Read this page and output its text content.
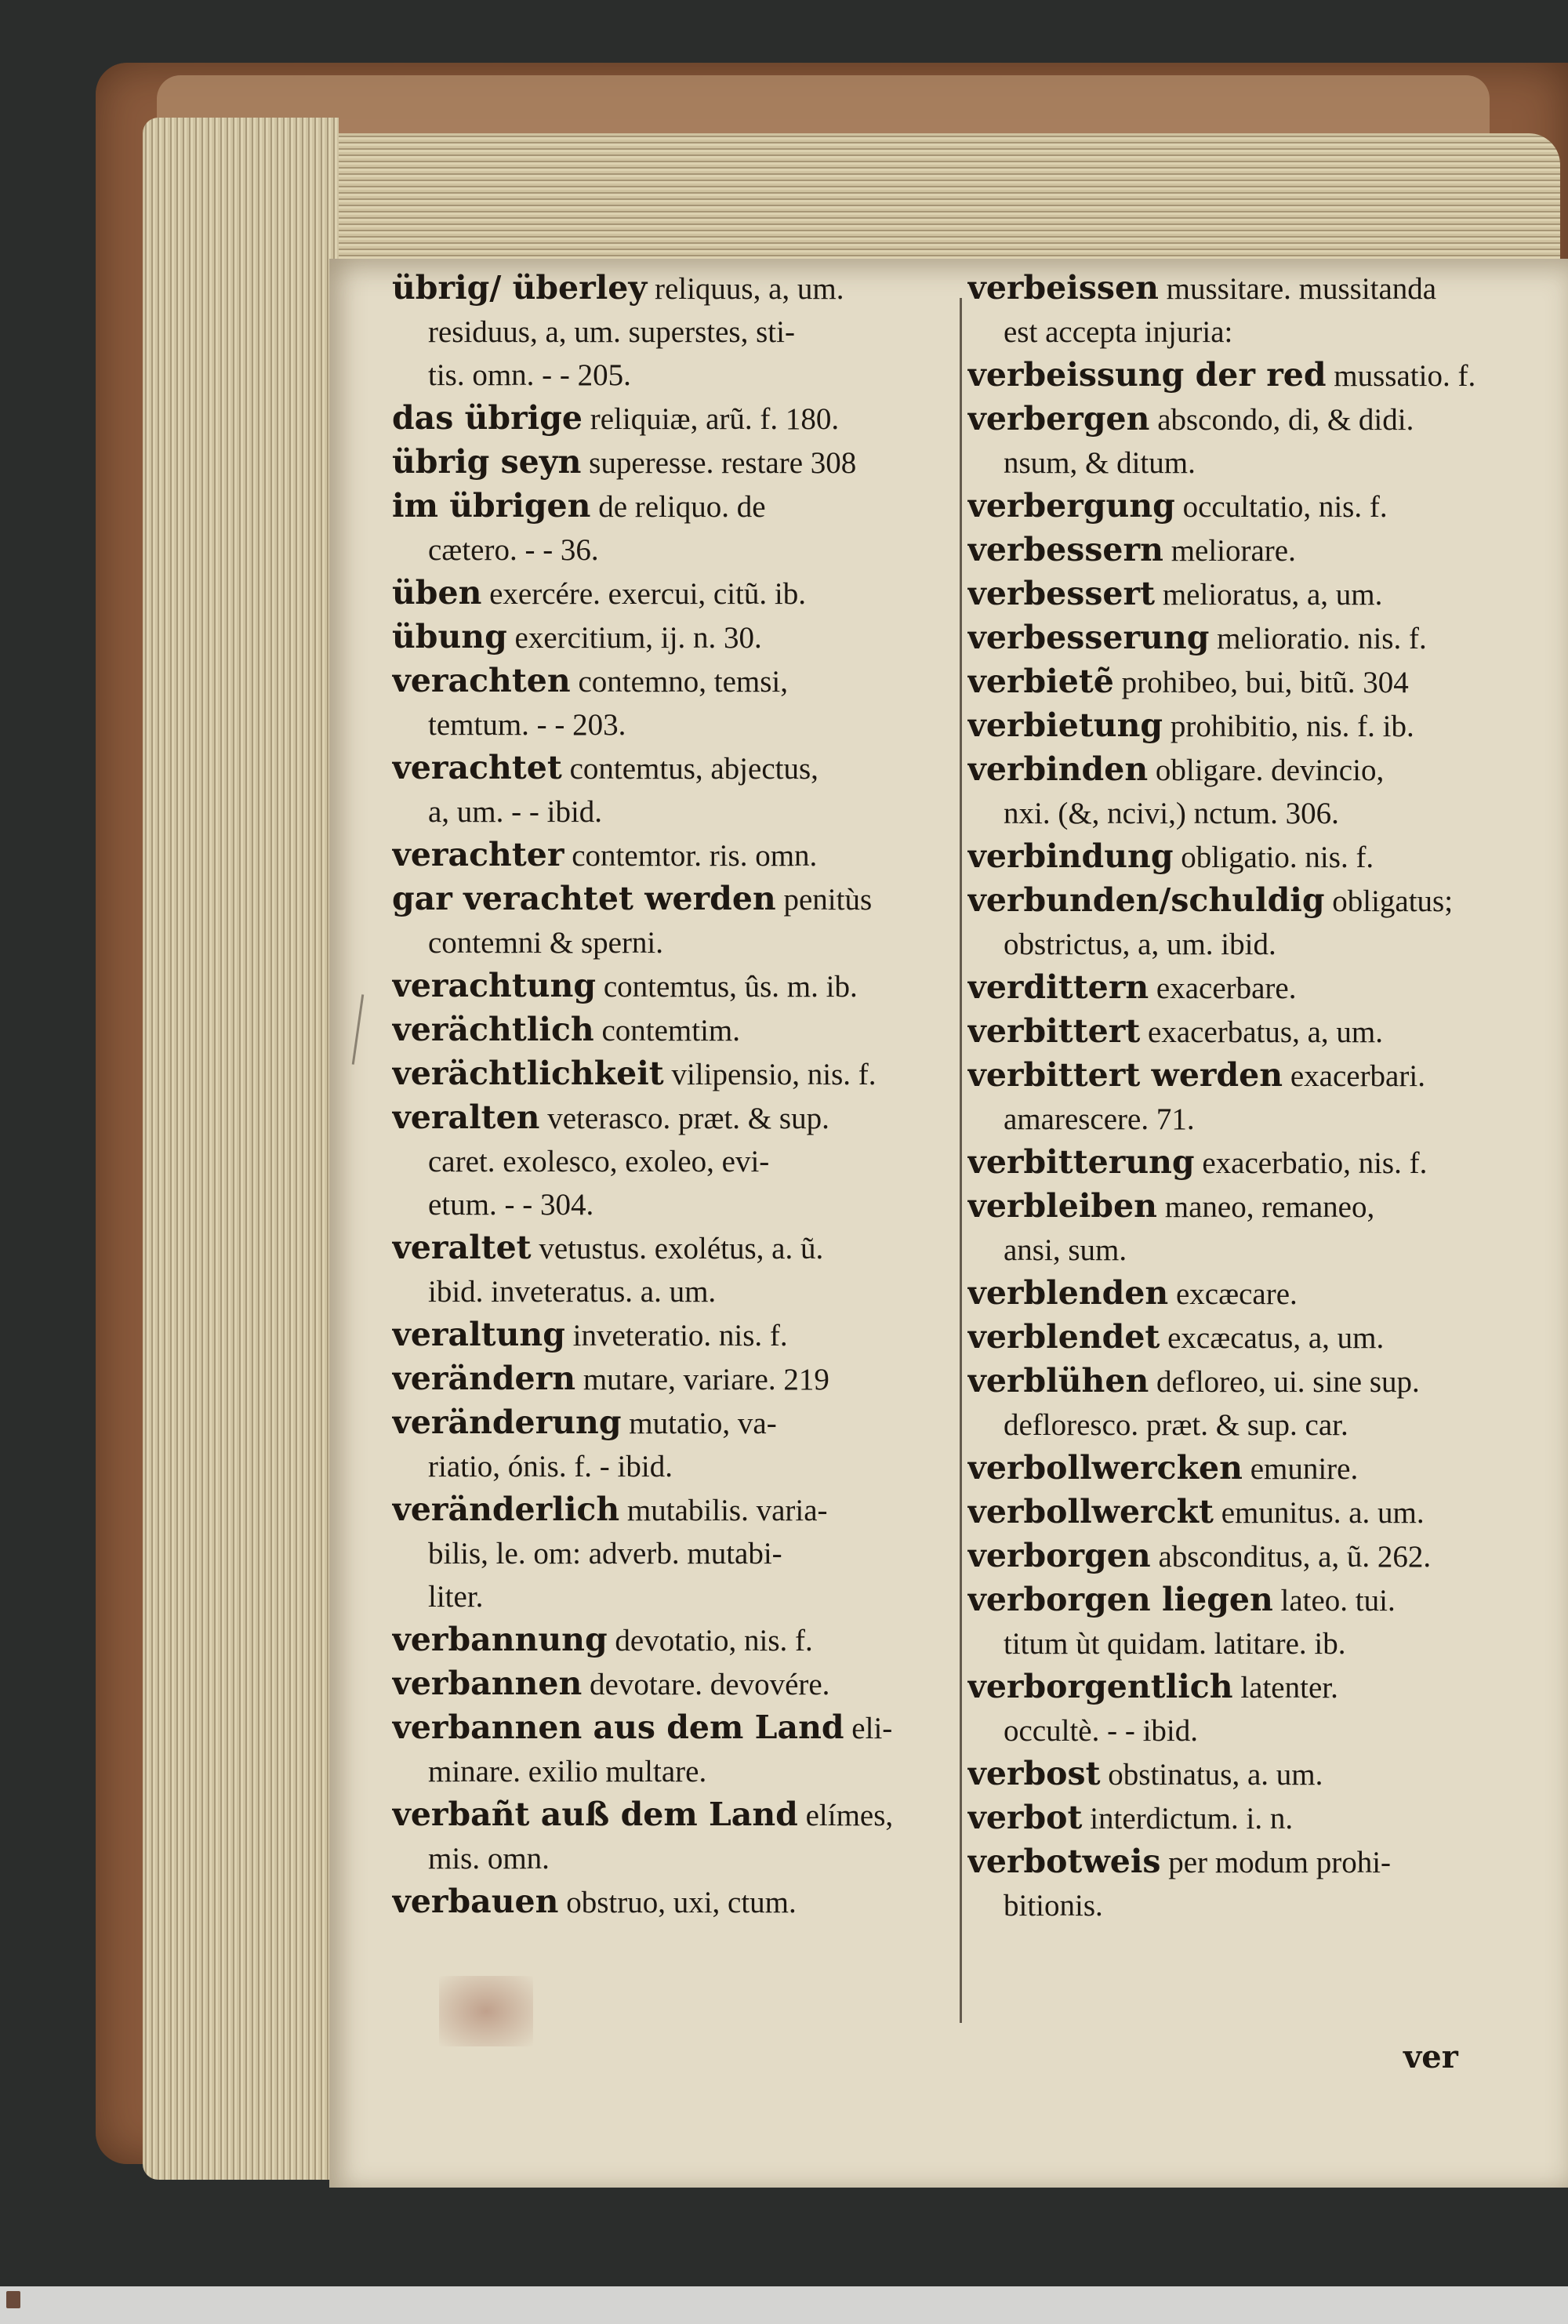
übrig/ überley reliquus, a, um.
residuus, a, um. superstes, sti-
tis. omn. - - 205.
das übrige reliquiæ, arũ. f. 180.
übrig seyn superesse. restare 308
im übrigen de reliquo. de
cætero. - - 36.
üben exercére. exercui, citũ. ib.
übung exercitium, ij. n. 30.
verachten contemno, temsi,
temtum. - - 203.
verachtet contemtus, abjectus,
a, um. - - ibid.
verachter contemtor. ris. omn.
gar verachtet werden penitùs
contemni & sperni.
verachtung contemtus, ûs. m. ib.
verächtlich contemtim.
verächtlichkeit vilipensio, nis. f.
veralten veterasco. præt. & sup.
caret. exolesco, exoleo, evi-
etum. - - 304.
veraltet vetustus. exolétus, a. ũ.
ibid. inveteratus. a. um.
veraltung inveteratio. nis. f.
verändern mutare, variare. 219
veränderung mutatio, va-
riatio, ónis. f. - ibid.
veränderlich mutabilis. varia-
bilis, le. om: adverb. mutabi-
liter.
verbannung devotatio, nis. f.
verbannen devotare. devovére.
verbannen aus dem Land eli-
minare. exilio multare.
verbañt auß dem Land elímes,
mis. omn.
verbauen obstruo, uxi, ctum.
verbeissen mussitare. mussitanda
est accepta injuria:
verbeissung der red mussatio. f.
verbergen abscondo, di, & didi.
nsum, & ditum.
verbergung occultatio, nis. f.
verbessern meliorare.
verbessert melioratus, a, um.
verbesserung melioratio. nis. f.
verbietẽ prohibeo, bui, bitũ. 304
verbietung prohibitio, nis. f. ib.
verbinden obligare. devincio,
nxi. (&, ncivi,) nctum. 306.
verbindung obligatio. nis. f.
verbunden/schuldig obligatus;
obstrictus, a, um. ibid.
verdittern exacerbare.
verbittert exacerbatus, a, um.
verbittert werden exacerbari.
amarescere. 71.
verbitterung exacerbatio, nis. f.
verbleiben maneo, remaneo,
ansi, sum.
verblenden excæcare.
verblendet excæcatus, a, um.
verblühen defloreo, ui. sine sup.
defloresco. præt. & sup. car.
verbollwercken emunire.
verbollwerckt emunitus. a. um.
verborgen absconditus, a, ũ. 262.
verborgen liegen lateo. tui.
titum ùt quidam. latitare. ib.
verborgentlich latenter.
occultè. - - ibid.
verbost obstinatus, a. um.
verbot interdictum. i. n.
verbotweis per modum prohi-
bitionis.
ver
